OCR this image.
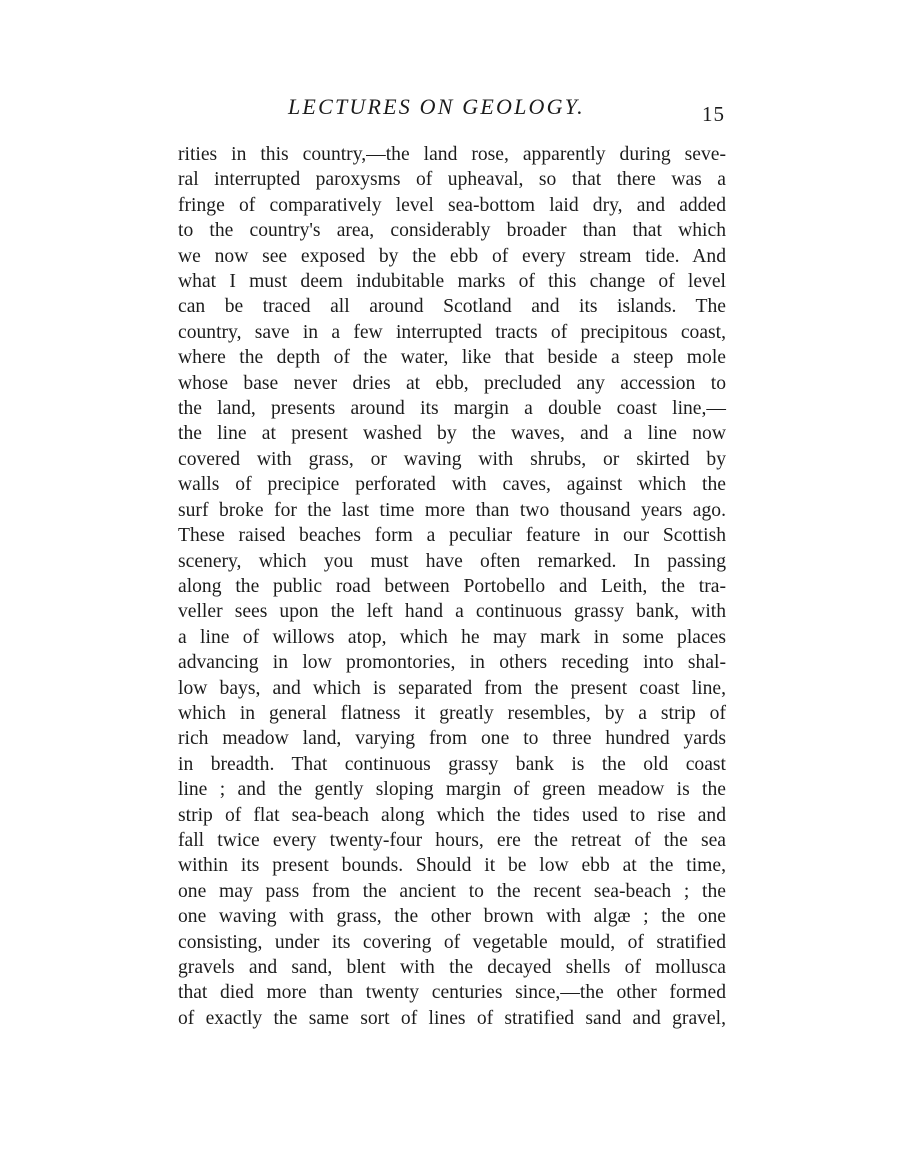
LECTURES ON GEOLOGY.	15
rities in this country,—the land rose, apparently during seve-
ral interrupted paroxysms of upheaval, so that there was a
fringe of comparatively level sea-bottom laid dry, and added
to the country's area, considerably broader than that which
we now see exposed by the ebb of every stream tide. And
what I must deem indubitable marks of this change of level
can be traced all around Scotland and its islands. The
country, save in a few interrupted tracts of precipitous coast,
where the depth of the water, like that beside a steep mole
whose base never dries at ebb, precluded any accession to
the land, presents around its margin a double coast line,—
the line at present washed by the waves, and a line now
covered with grass, or waving with shrubs, or skirted by
walls of precipice perforated with caves, against which the
surf broke for the last time more than two thousand years ago.
These raised beaches form a peculiar feature in our Scottish
scenery, which you must have often remarked. In passing
along the public road between Portobello and Leith, the tra-
veller sees upon the left hand a continuous grassy bank, with
a line of willows atop, which he may mark in some places
advancing in low promontories, in others receding into shal-
low bays, and which is separated from the present coast line,
which in general flatness it greatly resembles, by a strip of
rich meadow land, varying from one to three hundred yards
in breadth. That continuous grassy bank is the old coast
line ; and the gently sloping margin of green meadow is the
strip of flat sea-beach along which the tides used to rise and
fall twice every twenty-four hours, ere the retreat of the sea
within its present bounds. Should it be low ebb at the time,
one may pass from the ancient to the recent sea-beach ; the
one waving with grass, the other brown with algæ ; the one
consisting, under its covering of vegetable mould, of stratified
gravels and sand, blent with the decayed shells of mollusca
that died more than twenty centuries since,—the other formed
of exactly the same sort of lines of stratified sand and gravel,
